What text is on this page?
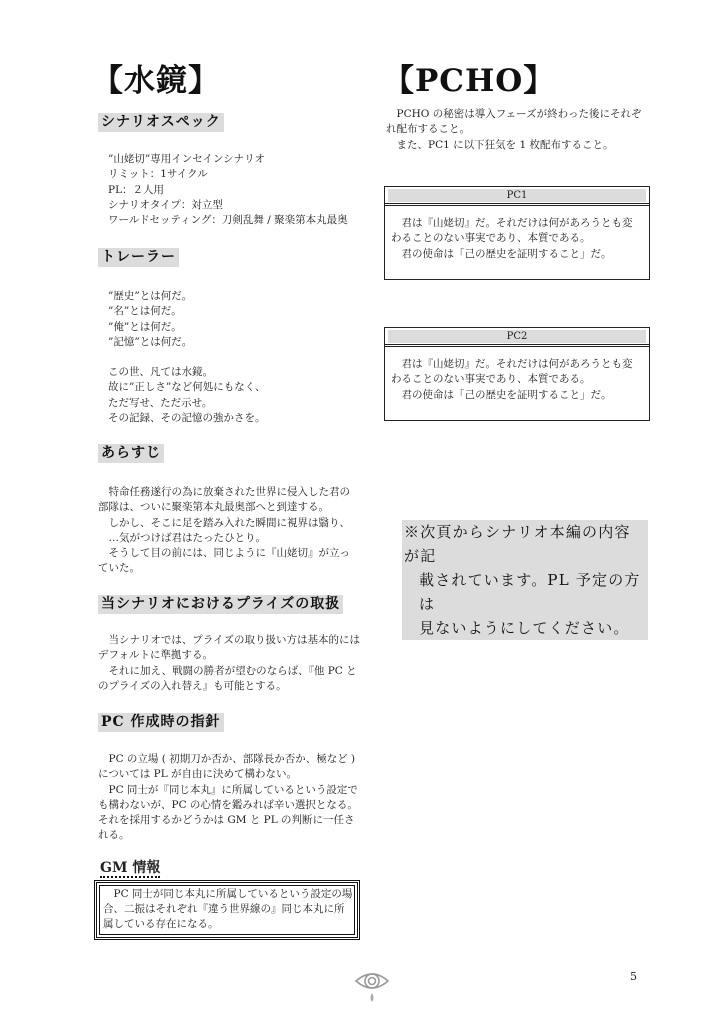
【水鏡】	【PCHO】
シナリオスペック
”山姥切”専用インセインシナリオ
リミット：1サイクル
PL：２人用
シナリオタイプ：対立型
ワールドセッティング：刀剣乱舞 / 聚楽第本丸最奥
トレーラー
”歴史”とは何だ。
”名”とは何だ。
”俺”とは何だ。
”記憶”とは何だ。
この世、凡ては水鏡。
故に”正しさ”など何処にもなく、
ただ写せ、ただ示せ。
その記録、その記憶の強かさを。
あらすじ
特命任務遂行の為に放棄された世界に侵入した君の部隊は、ついに聚楽第本丸最奥部へと到達する。
しかし、そこに足を踏み入れた瞬間に視界は翳り、
…気がつけば君はたったひとり。
そうして目の前には、同じように『山姥切』が立っていた。
当シナリオにおけるプライズの取扱
当シナリオでは、プライズの取り扱い方は基本的にはデフォルトに準拠する。
それに加え、戦闘の勝者が望むのならば、『他 PC とのプライズの入れ替え』も可能とする。
PC 作成時の指針
PC の立場 ( 初期刀か否か、部隊長か否か、極など ) については PL が自由に決めて構わない。
PC 同士が『同じ本丸』に所属しているという設定でも構わないが、PC の心情を鑑みれば辛い選択となる。それを採用するかどうかは GM と PL の判断に一任される。
GM 情報
PC 同士が同じ本丸に所属しているという設定の場合、二振はそれぞれ『違う世界線の』同じ本丸に所属している存在になる。
PCHO の秘密は導入フェーズが終わった後にそれぞれ配布すること。
また、PC1 に以下狂気を 1 枚配布すること。
PC1
君は『山姥切』だ。それだけは何があろうとも変わることのない事実であり、本質である。
君の使命は「己の歴史を証明すること」だ。
PC2
君は『山姥切』だ。それだけは何があろうとも変わることのない事実であり、本質である。
君の使命は「己の歴史を証明すること」だ。
※次頁からシナリオ本編の内容が記
載されています。PL 予定の方は
見ないようにしてください。
5
